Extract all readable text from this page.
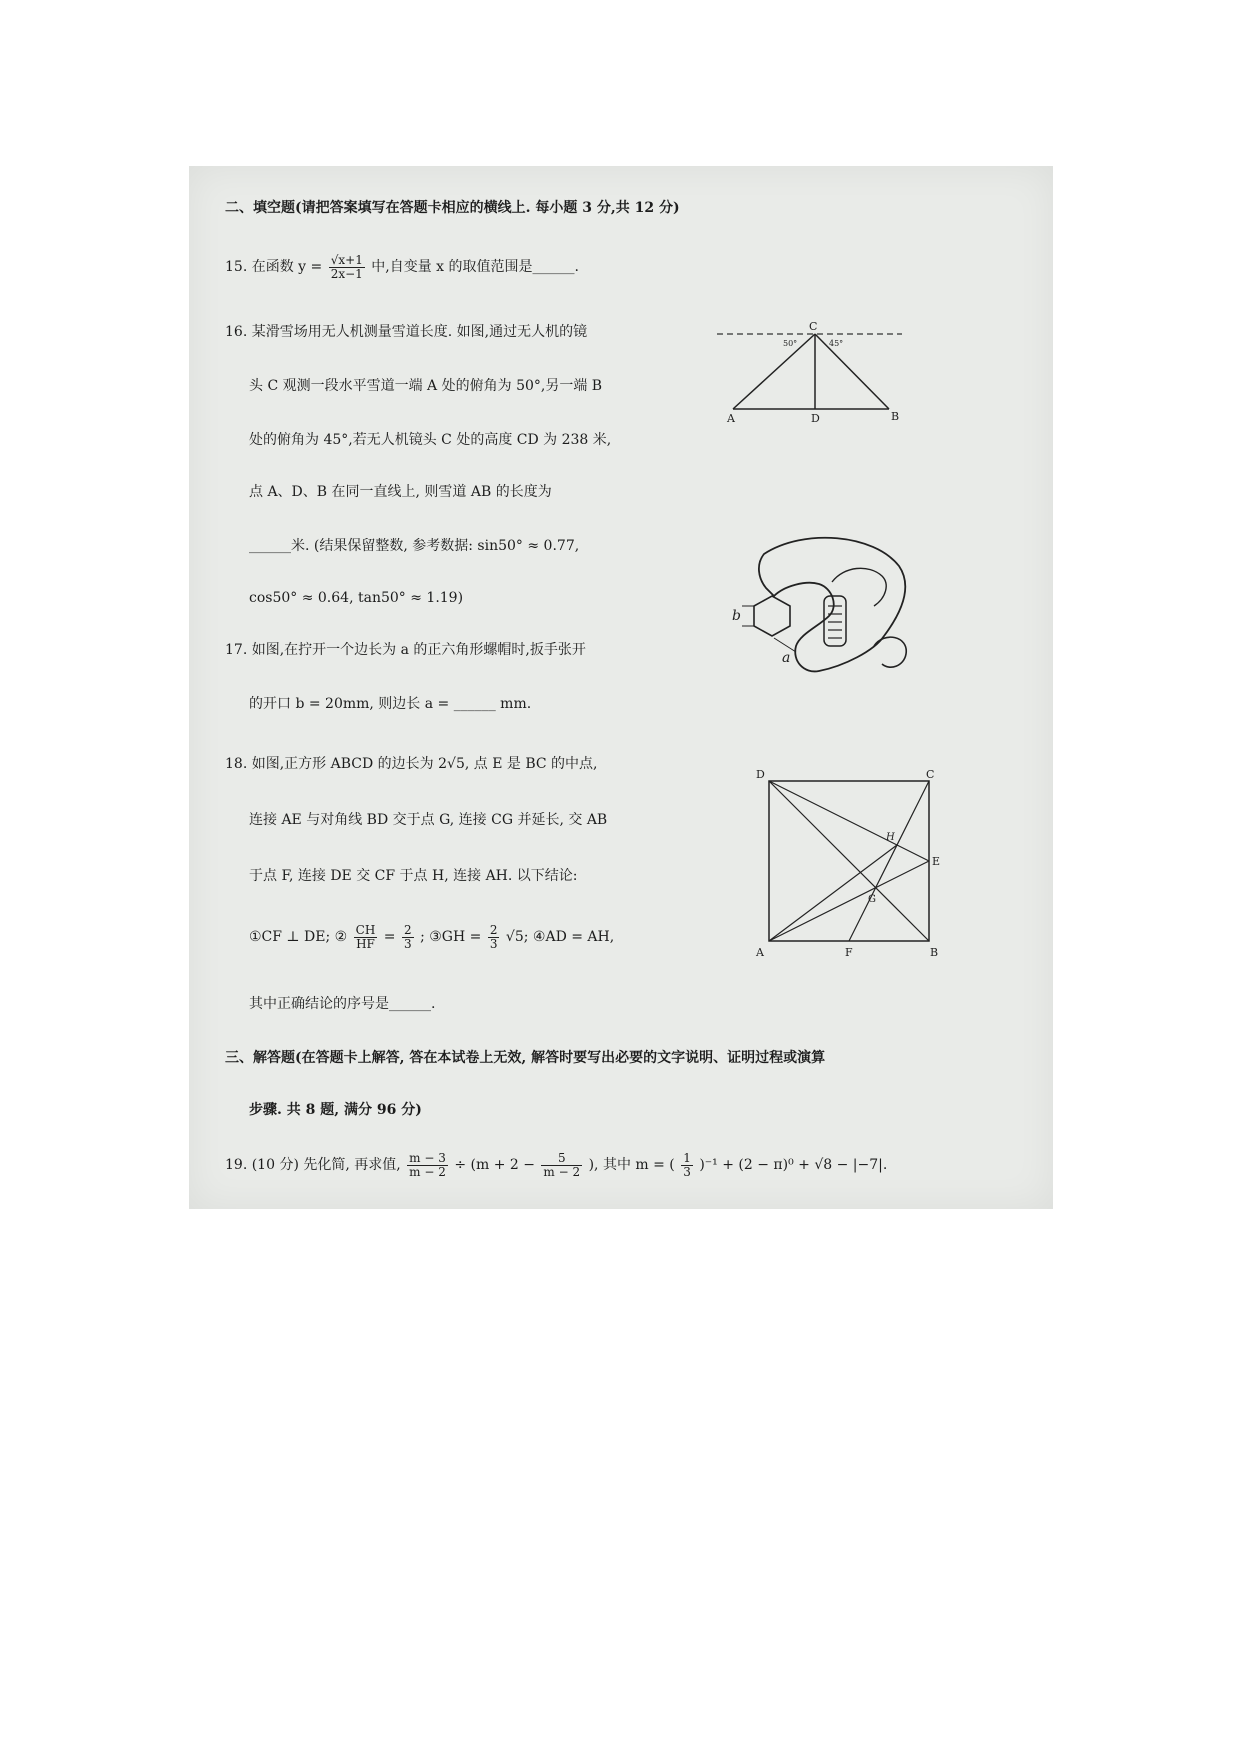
二、填空题(请把答案填写在答题卡相应的横线上. 每小题 3 分,共 12 分)
15. 在函数 $y = \frac{√x+1}{2x-1}$ 中,自变量 x 的取值范围是______.
16. 某滑雪场用无人机测量雪道长度. 如图,通过无人机的镜
头 C 观测一段水平雪道一端 A 处的俯角为 50°,另一端 B
处的俯角为 45°,若无人机镜头 C 处的高度 CD 为 238 米,
点 A、D、B 在同一直线上, 则雪道 AB 的长度为
______米. (结果保留整数, 参考数据: sin50° ≈ 0.77,
cos50° ≈ 0.64, tan50° ≈ 1.19)
C
50°	45°
A	D	B
17. 如图,在拧开一个边长为 a 的正六角形螺帽时,扳手张开
的开口 b = 20mm, 则边长 a = ______ mm.
b
a
18. 如图,正方形 ABCD 的边长为 2√5, 点 E 是 BC 的中点,
连接 AE 与对角线 BD 交于点 G, 连接 CG 并延长, 交 AB
于点 F, 连接 DE 交 CF 于点 H, 连接 AH. 以下结论:
①CF ⊥ DE; ② $\frac{CH}{HF} = \frac{2}{3}$ ; ③GH = $\frac{2}{3} √5$; ④AD = AH,
其中正确结论的序号是______.
D	C
A	B
E
F
G
H
三、解答题(在答题卡上解答, 答在本试卷上无效, 解答时要写出必要的文字说明、证明过程或演算
步骤. 共 8 题, 满分 96 分)
19. (10 分) 先化简, 再求值, $\frac{m - 3}{m - 2} \div (m + 2 - \frac{5}{m - 2}$ ), 其中 m = ( $\frac{1}{3} )^{-1} + (2 - \pi)^0 + √8 - |-7|$.
